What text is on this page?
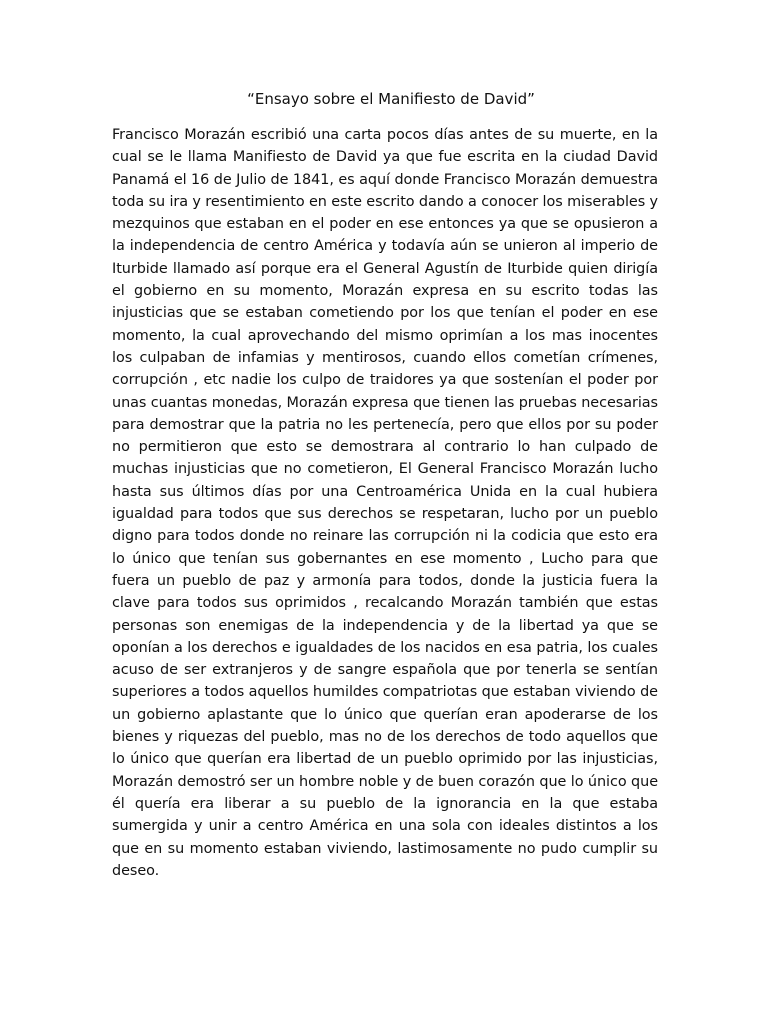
“Ensayo sobre el Manifiesto de David”

Francisco Morazán escribió una carta pocos días antes de su muerte, en la cual se le llama Manifiesto de David ya que fue escrita en la ciudad David Panamá el 16 de Julio de 1841, es aquí donde Francisco Morazán demuestra toda su ira y resentimiento en este escrito dando a conocer los miserables y mezquinos que estaban en el poder en ese entonces ya que se opusieron a la independencia de centro América y todavía aún se unieron al imperio de Iturbide llamado así porque era el General Agustín de Iturbide quien dirigía el gobierno en su momento, Morazán expresa en su escrito todas las injusticias que se estaban cometiendo por los que tenían el poder en ese momento, la cual aprovechando del mismo oprimían a los mas inocentes los culpaban de infamias y mentirosos, cuando ellos cometían crímenes, corrupción , etc nadie los culpo de traidores ya que sostenían el poder por unas cuantas monedas, Morazán expresa que tienen las pruebas necesarias para demostrar que la patria no les pertenecía, pero que ellos por su poder no permitieron que esto se demostrara al contrario lo han culpado de muchas injusticias que no cometieron, El General Francisco Morazán lucho hasta sus últimos días por una Centroamérica Unida en la cual hubiera igualdad para todos que sus derechos se respetaran, lucho por un pueblo digno para todos donde no reinare las corrupción ni la codicia que esto era lo único que tenían sus gobernantes en ese momento , Lucho para que fuera un pueblo de paz y armonía para todos, donde la justicia fuera la clave para todos sus oprimidos , recalcando Morazán también que estas personas son enemigas de la independencia y de la libertad ya que se oponían a los derechos e igualdades de los nacidos en esa patria, los cuales acuso de ser extranjeros y de sangre española que por tenerla se sentían superiores a todos aquellos humildes compatriotas que estaban viviendo de un gobierno aplastante que lo único que querían eran apoderarse de los bienes y riquezas del pueblo, mas no de los derechos de todo aquellos que lo único que querían era libertad de un pueblo oprimido por las injusticias, Morazán demostró ser un hombre noble y de buen corazón que lo único que él quería era liberar a su pueblo de la ignorancia en la que estaba sumergida y unir a centro América en una sola con ideales distintos a los que en su momento estaban viviendo, lastimosamente no pudo cumplir su deseo.
